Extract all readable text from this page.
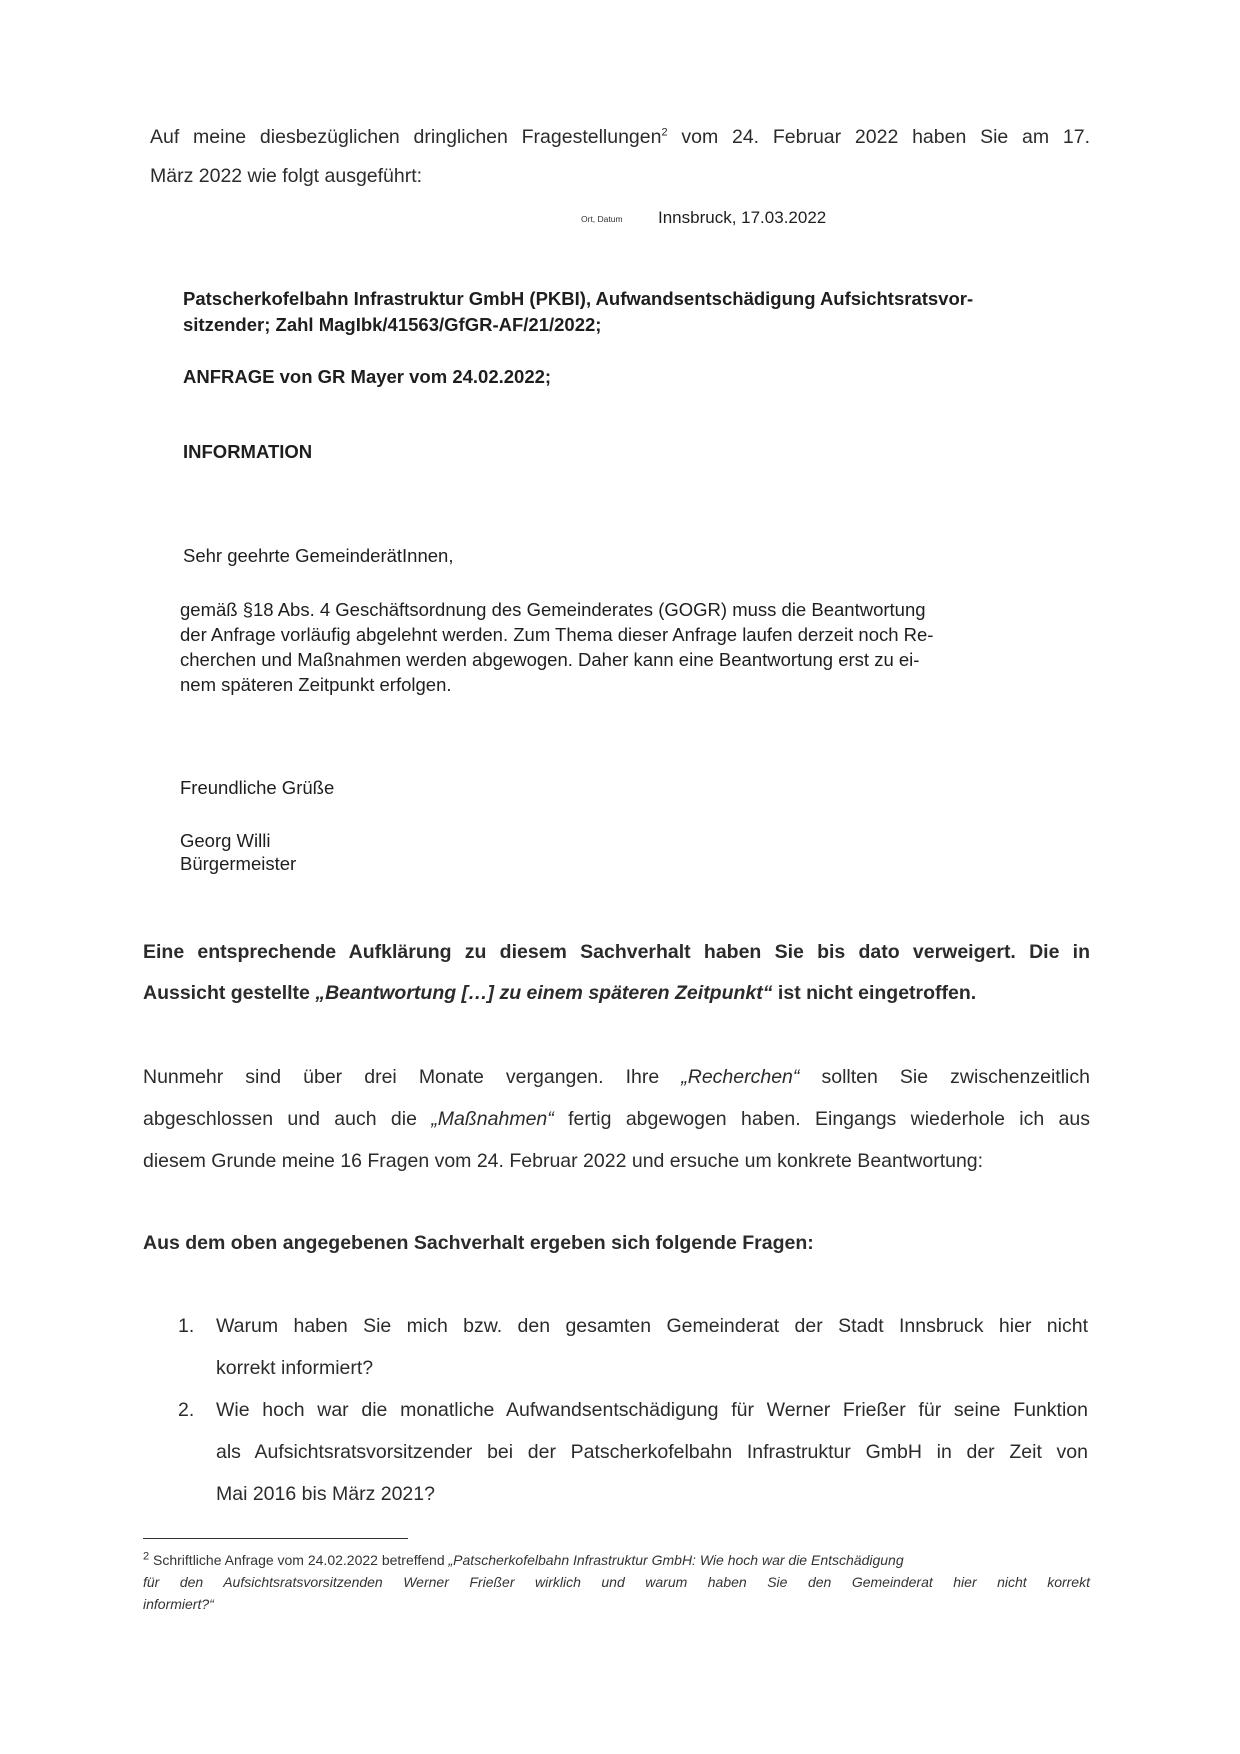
Auf meine diesbezüglichen dringlichen Fragestellungen$^2$ vom 24. Februar 2022 haben Sie am 17.

März 2022 wie folgt ausgeführt:

Ort, Datum Innsbruck, 17.03.2022

Patscherkofelbahn Infrastruktur GmbH (PKBI), Aufwandsentschädigung Aufsichtsratsvor-

sitzender; Zahl MagIbk/41563/GfGR-AF/21/2022;

ANFRAGE von GR Mayer vom 24.02.2022;

INFORMATION

Sehr geehrte GemeinderätInnen,

gemäß §18 Abs. 4 Geschäftsordnung des Gemeinderates (GOGR) muss die Beantwortung

der Anfrage vorläufig abgelehnt werden. Zum Thema dieser Anfrage laufen derzeit noch Re-

cherchen und Maßnahmen werden abgewogen. Daher kann eine Beantwortung erst zu ei-

nem späteren Zeitpunkt erfolgen.

Freundliche Grüße

Georg Willi

Bürgermeister

Eine entsprechende Aufklärung zu diesem Sachverhalt haben Sie bis dato verweigert. Die in

Aussicht gestellte „Beantwortung […] zu einem späteren Zeitpunkt“ ist nicht eingetroffen.

Nunmehr sind über drei Monate vergangen. Ihre „Recherchen“ sollten Sie zwischenzeitlich

abgeschlossen und auch die „Maßnahmen“ fertig abgewogen haben. Eingangs wiederhole ich aus

diesem Grunde meine 16 Fragen vom 24. Februar 2022 und ersuche um konkrete Beantwortung:

Aus dem oben angegebenen Sachverhalt ergeben sich folgende Fragen:

1. Warum haben Sie mich bzw. den gesamten Gemeinderat der Stadt Innsbruck hier nicht

korrekt informiert?

2. Wie hoch war die monatliche Aufwandsentschädigung für Werner Frießer für seine Funktion

als Aufsichtsratsvorsitzender bei der Patscherkofelbahn Infrastruktur GmbH in der Zeit von

Mai 2016 bis März 2021?

$^2$ Schriftliche Anfrage vom 24.02.2022 betreffend „Patscherkofelbahn Infrastruktur GmbH: Wie hoch war die Entschädigung

für den Aufsichtsratsvorsitzenden Werner Frießer wirklich und warum haben Sie den Gemeinderat hier nicht korrekt

informiert?“
